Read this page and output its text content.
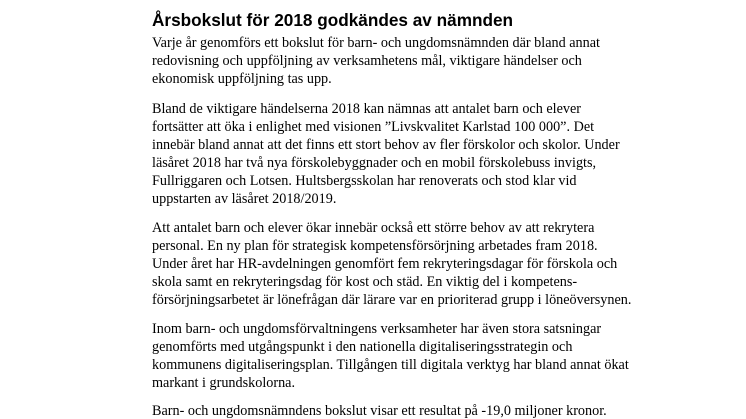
Årsbokslut för 2018 godkändes av nämnden

Varje år genomförs ett bokslut för barn- och ungdomsnämnden där bland annat
redovisning och uppföljning av verksamhetens mål, viktigare händelser och
ekonomisk uppföljning tas upp.

Bland de viktigare händelserna 2018 kan nämnas att antalet barn och elever
fortsätter att öka i enlighet med visionen ”Livskvalitet Karlstad 100 000”. Det
innebär bland annat att det finns ett stort behov av fler förskolor och skolor. Under
läsåret 2018 har två nya förskolebyggnader och en mobil förskolebuss invigts,
Fullriggaren och Lotsen. Hultsbergsskolan har renoverats och stod klar vid
uppstarten av läsåret 2018/2019.

Att antalet barn och elever ökar innebär också ett större behov av att rekrytera
personal. En ny plan för strategisk kompetensförsörjning arbetades fram 2018.
Under året har HR-avdelningen genomfört fem rekryteringsdagar för förskola och
skola samt en rekryteringsdag för kost och städ. En viktig del i kompetens-
försörjningsarbetet är lönefrågan där lärare var en prioriterad grupp i löneöversynen.

Inom barn- och ungdomsförvaltningens verksamheter har även stora satsningar
genomförts med utgångspunkt i den nationella digitaliseringsstrategin och
kommunens digitaliseringsplan. Tillgången till digitala verktyg har bland annat ökat
markant i grundskolorna.

Barn- och ungdomsnämndens bokslut visar ett resultat på -19,0 miljoner kronor.
